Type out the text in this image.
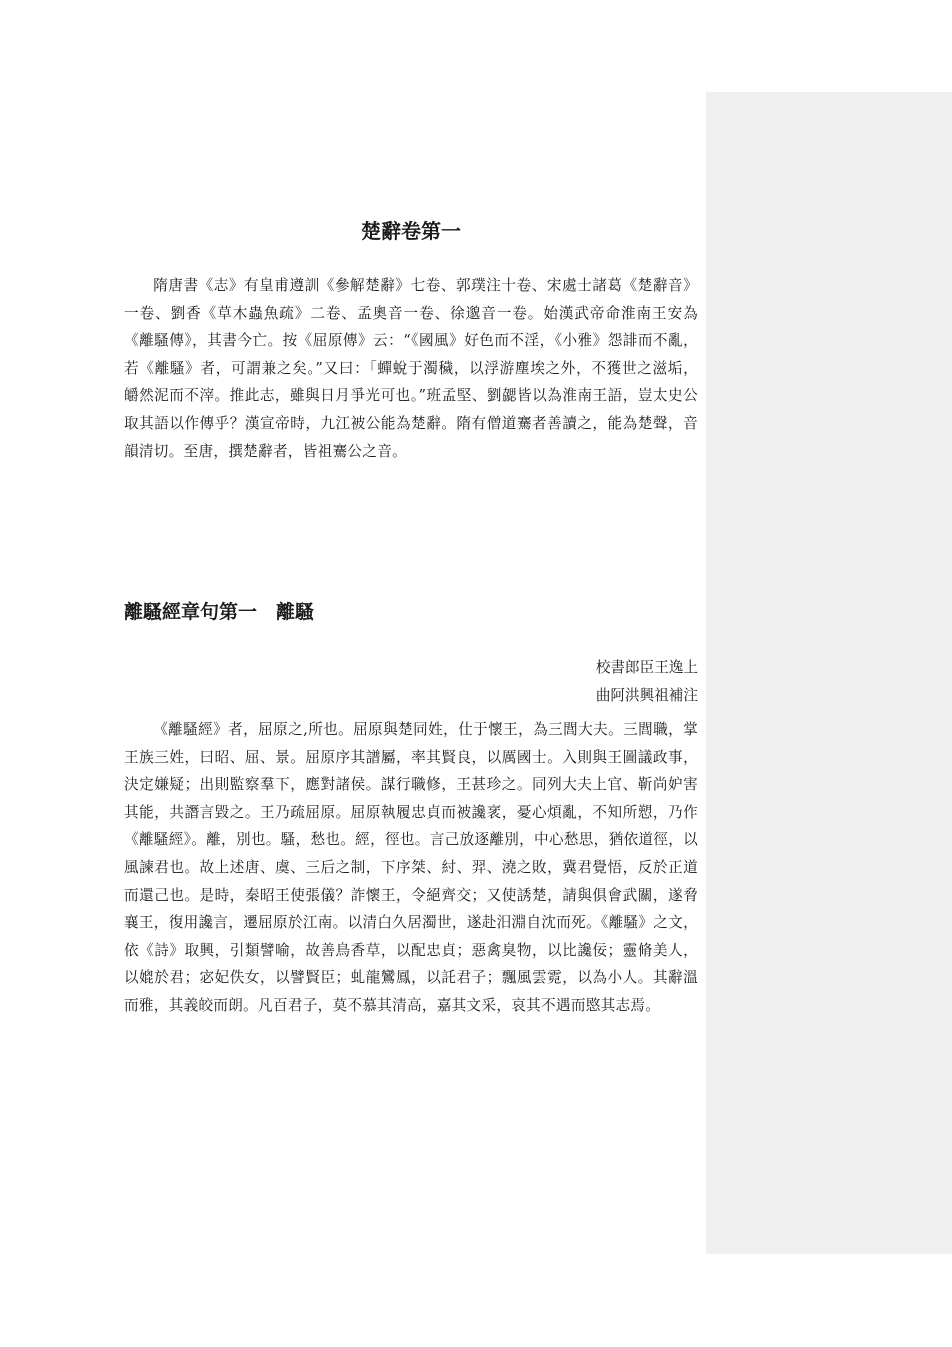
楚辭卷第一

隋唐書《志》有皇甫遵訓《參解楚辭》七卷、郭璞注十卷、宋處士諸葛《楚辭音》一卷、劉香《草木蟲魚疏》二卷、孟奧音一卷、徐邈音一卷。始漢武帝命淮南王安為《離騷傳》，其書今亡。按《屈原傳》云：“《國風》好色而不淫，《小雅》怨誹而不亂，若《離騷》者，可謂兼之矣。”又曰：「蟬蛻于濁穢，以浮游塵埃之外，不獲世之滋垢，皭然泥而不滓。推此志，雖與日月爭光可也。”班孟堅、劉勰皆以為淮南王語，豈太史公取其語以作傳乎？漢宣帝時，九江被公能為楚辭。隋有僧道騫者善讀之，能為楚聲，音韻清切。至唐，撰楚辭者，皆祖騫公之音。

離騷經章句第一　離騷

校書郎臣王逸上

曲阿洪興祖補注

《離騷經》者，屈原之,所也。屈原與楚同姓，仕于懷王，為三閭大夫。三閭職，掌王族三姓，曰昭、屈、景。屈原序其譜屬，率其賢良，以厲國士。入則與王圖議政事，決定嫌疑；出則監察羣下，應對諸侯。謀行職修，王甚珍之。同列大夫上官、靳尚妒害其能，共譖言毀之。王乃疏屈原。屈原執履忠貞而被讒衺，憂心煩亂，不知所愬，乃作《離騷經》。離，別也。騷，愁也。經，徑也。言己放逐離別，中心愁思，猶依道徑，以風諫君也。故上述唐、虞、三后之制，下序桀、紂、羿、澆之敗，冀君覺悟，反於正道而還己也。是時，秦昭王使張儀？詐懷王，令絕齊交；又使誘楚，請與俱會武關，遂脅襄王，復用讒言，遷屈原於江南。以清白久居濁世，遂赴汨淵自沈而死。《離騷》之文，依《詩》取興，引類譬喻，故善鳥香草，以配忠貞；惡禽臭物，以比讒佞；靈脩美人，以媲於君；宓妃佚女，以譬賢臣；虬龍鸞鳳，以託君子；飄風雲霓，以為小人。其辭溫而雅，其義皎而朗。凡百君子，莫不慕其清高，嘉其文采，哀其不遇而愍其志焉。
